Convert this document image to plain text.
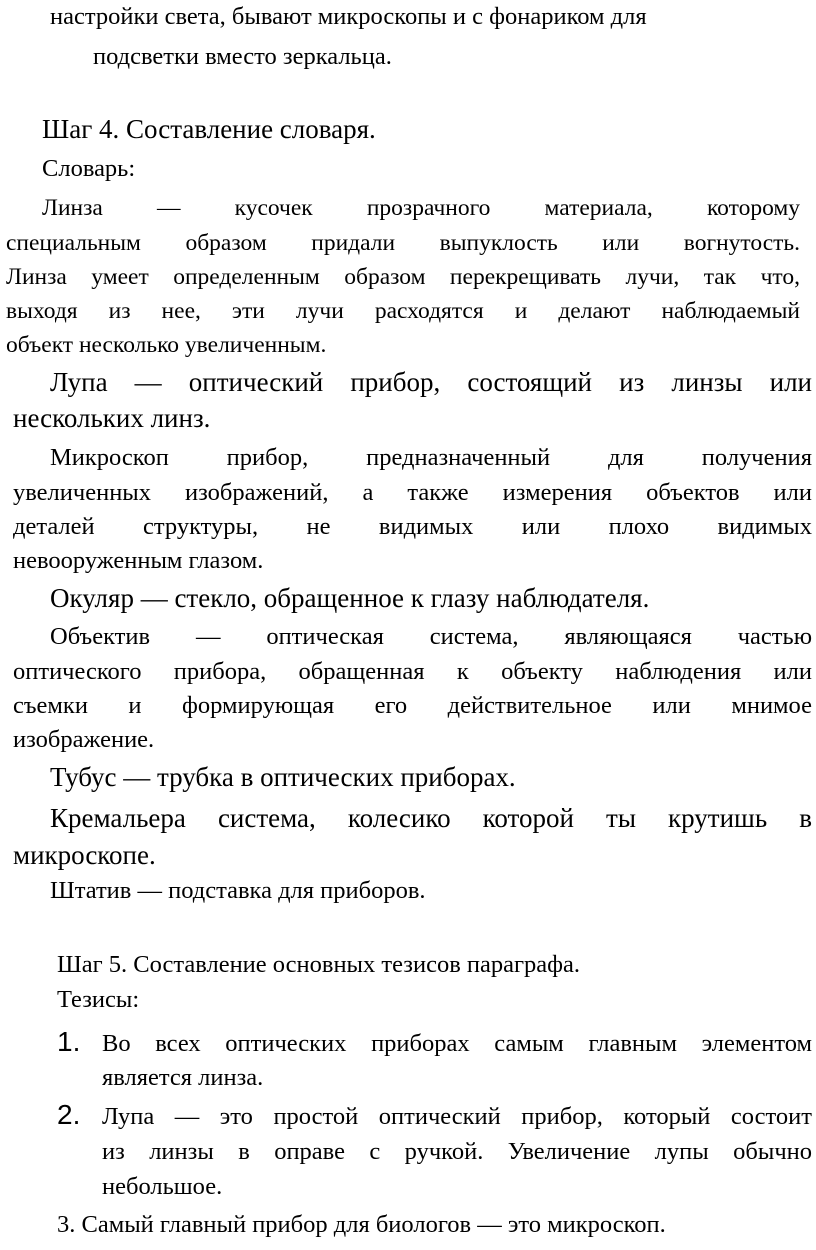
настройки света, бывают микроскопы и с фонариком для
подсветки вместо зеркальца.
Шаг 4. Составление словаря.
Словарь:
Линза — кусочек прозрачного материала, которому
специальным образом придали выпуклость или вогнутость.
Линза умеет определенным образом перекрещивать лучи, так что,
выходя из нее, эти лучи расходятся и делают наблюдаемый
объект несколько увеличенным.
Лупа — оптический прибор, состоящий из линзы или
нескольких линз.
Микроскоп прибор, предназначенный для получения
увеличенных изображений, а также измерения объектов или
деталей структуры, не видимых или плохо видимых
невооруженным глазом.
Окуляр — стекло, обращенное к глазу наблюдателя.
Объектив — оптическая система, являющаяся частью
оптического прибора, обращенная к объекту наблюдения или
съемки и формирующая его действительное или мнимое
изображение.
Тубус — трубка в оптических приборах.
Кремальера система, колесико которой ты крутишь в
микроскопе.
Штатив — подставка для приборов.
Шаг 5. Составление основных тезисов параграфа.
Тезисы:
1. Во всех оптических приборах самым главным элементом
является линза.
2. Лупа — это простой оптический прибор, который состоит
из линзы в оправе с ручкой. Увеличение лупы обычно
небольшое.
3. Самый главный прибор для биологов — это микроскоп.
